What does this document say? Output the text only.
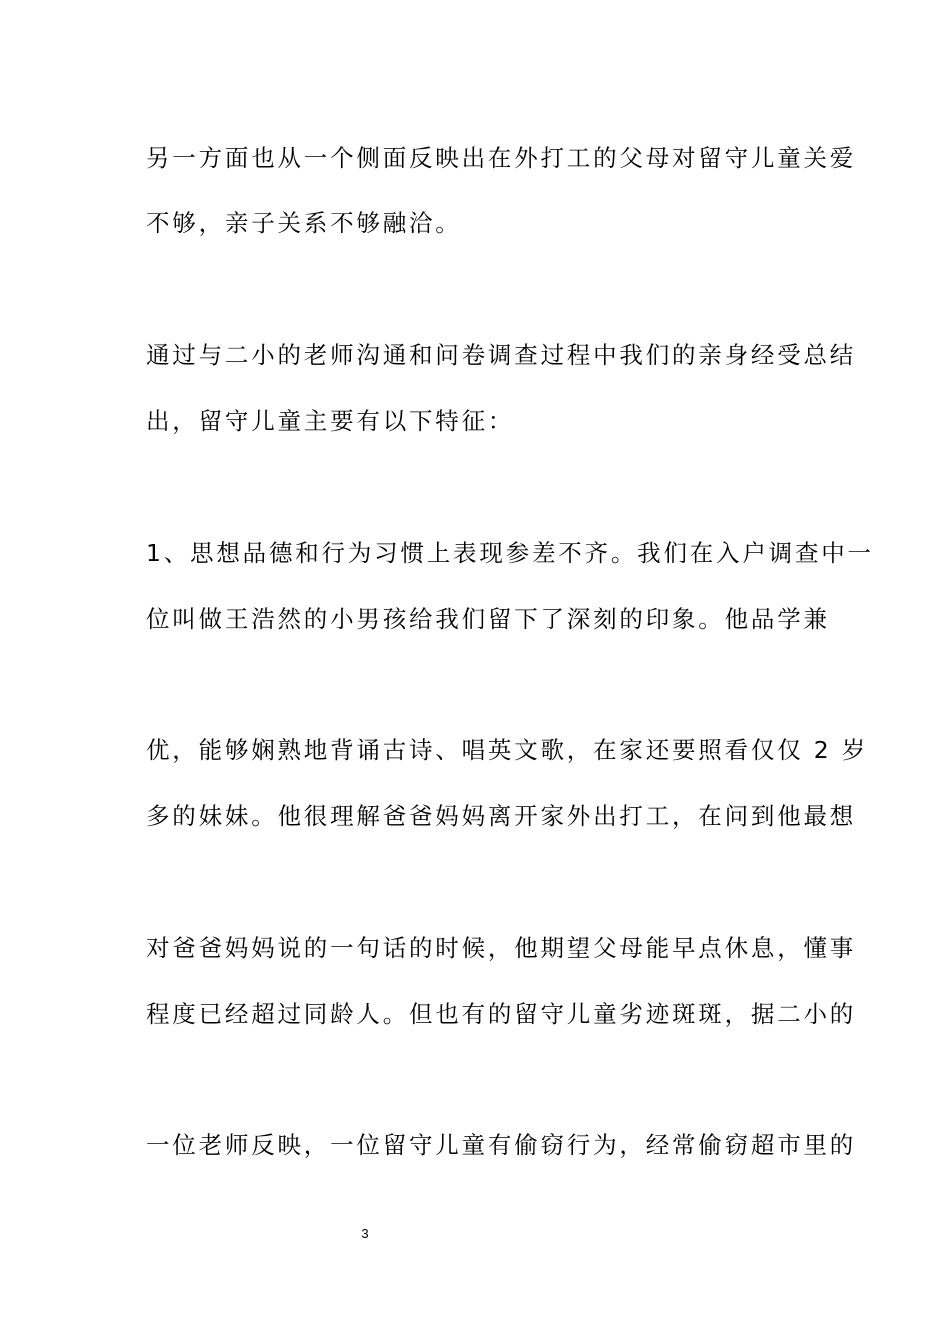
另一方面也从一个侧面反映出在外打工的父母对留守儿童关爱
不够，亲子关系不够融洽。
通过与二小的老师沟通和问卷调查过程中我们的亲身经受总结
出，留守儿童主要有以下特征：
1、思想品德和行为习惯上表现参差不齐。我们在入户调查中一
位叫做王浩然的小男孩给我们留下了深刻的印象。他品学兼
优，能够娴熟地背诵古诗、唱英文歌，在家还要照看仅仅 2 岁
多的妹妹。他很理解爸爸妈妈离开家外出打工，在问到他最想
对爸爸妈妈说的一句话的时候，他期望父母能早点休息，懂事
程度已经超过同龄人。但也有的留守儿童劣迹斑斑，据二小的
一位老师反映，一位留守儿童有偷窃行为，经常偷窃超市里的
3
